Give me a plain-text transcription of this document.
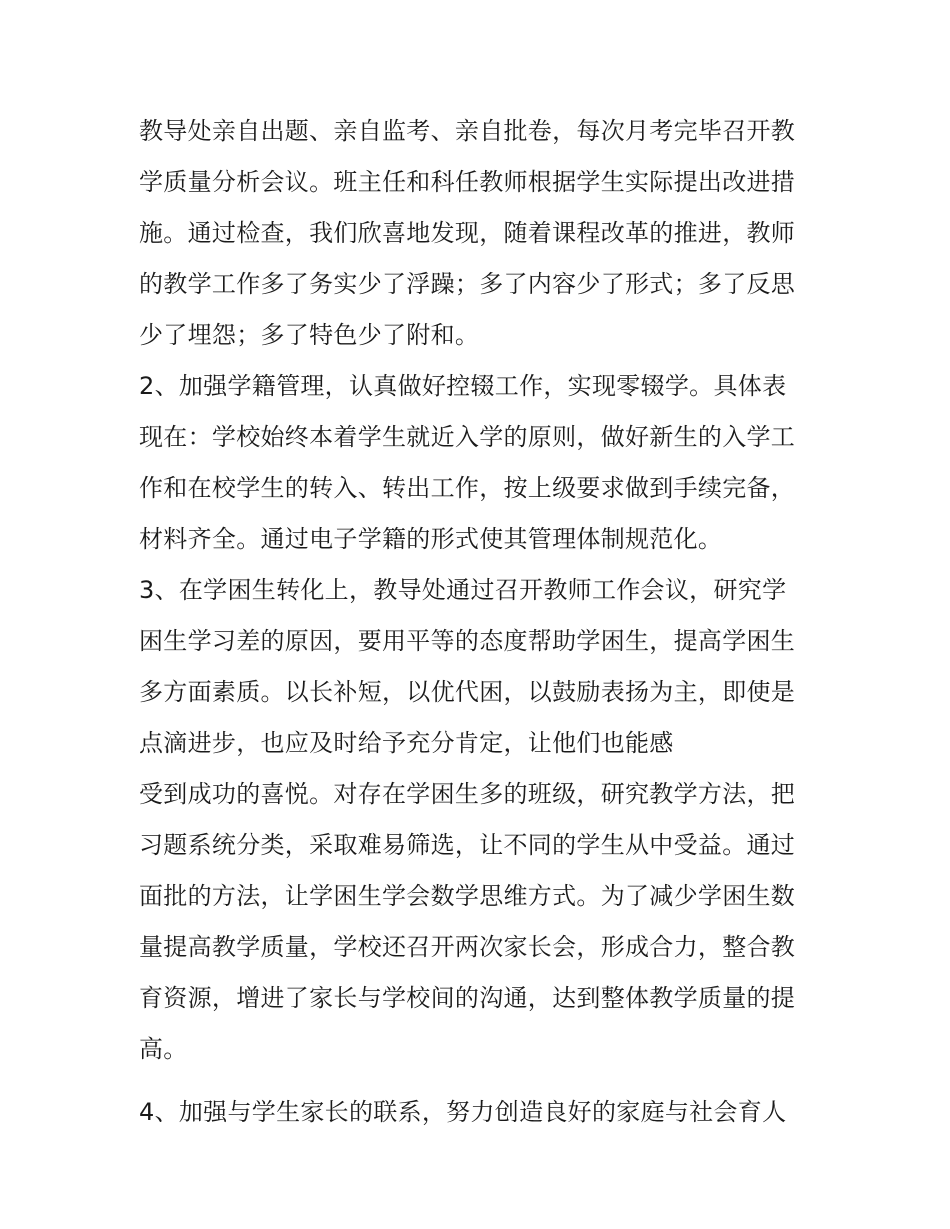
教导处亲自出题、亲自监考、亲自批卷，每次月考完毕召开教
学质量分析会议。班主任和科任教师根据学生实际提出改进措
施。通过检查，我们欣喜地发现，随着课程改革的推进，教师
的教学工作多了务实少了浮躁；多了内容少了形式；多了反思
少了埋怨；多了特色少了附和。
2、加强学籍管理，认真做好控辍工作，实现零辍学。具体表
现在：学校始终本着学生就近入学的原则，做好新生的入学工
作和在校学生的转入、转出工作，按上级要求做到手续完备，
材料齐全。通过电子学籍的形式使其管理体制规范化。
3、在学困生转化上，教导处通过召开教师工作会议，研究学
困生学习差的原因，要用平等的态度帮助学困生，提高学困生
多方面素质。以长补短，以优代困，以鼓励表扬为主，即使是
点滴进步，也应及时给予充分肯定，让他们也能感
受到成功的喜悦。对存在学困生多的班级，研究教学方法，把
习题系统分类，采取难易筛选，让不同的学生从中受益。通过
面批的方法，让学困生学会数学思维方式。为了减少学困生数
量提高教学质量，学校还召开两次家长会，形成合力，整合教
育资源，增进了家长与学校间的沟通，达到整体教学质量的提
高。
4、加强与学生家长的联系，努力创造良好的家庭与社会育人
